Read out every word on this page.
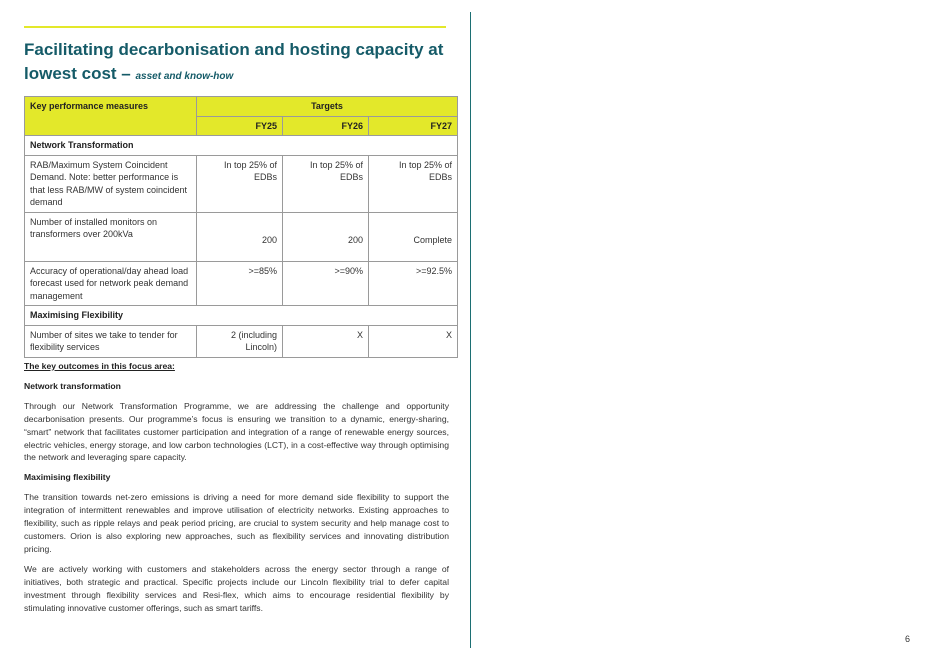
Facilitating decarbonisation and hosting capacity at lowest cost – asset and know-how
Key performance measures	Targets		
	FY25	FY26	FY27
Network Transformation			
RAB/Maximum System Coincident Demand. Note: better performance is that less RAB/MW of system coincident demand	In top 25% of EDBs	In top 25% of EDBs	In top 25% of EDBs
Number of installed monitors on transformers over 200kVa	200	200	Complete
Accuracy of operational/day ahead load forecast used for network peak demand management	>=85%	>=90%	>=92.5%
Maximising Flexibility			
Number of sites we take to tender for flexibility services	2 (including Lincoln)	X	X
The key outcomes in this focus area:
Network transformation

Through our Network Transformation Programme, we are addressing the challenge and opportunity decarbonisation presents. Our programme’s focus is ensuring we transition to a dynamic, energy-sharing, “smart” network that facilitates customer participation and integration of a range of renewable energy sources, electric vehicles, energy storage, and low carbon technologies (LCT), in a cost-effective way through optimising the network and leveraging spare capacity.

Maximising flexibility

The transition towards net-zero emissions is driving a need for more demand side flexibility to support the integration of intermittent renewables and improve utilisation of electricity networks. Existing approaches to flexibility, such as ripple relays and peak period pricing, are crucial to system security and help manage cost to customers. Orion is also exploring new approaches, such as flexibility services and innovating distribution pricing.

We are actively working with customers and stakeholders across the energy sector through a range of initiatives, both strategic and practical. Specific projects include our Lincoln flexibility trial to defer capital investment through flexibility services and Resi-flex, which aims to encourage residential flexibility by stimulating innovative customer offerings, such as smart tariffs.

6
